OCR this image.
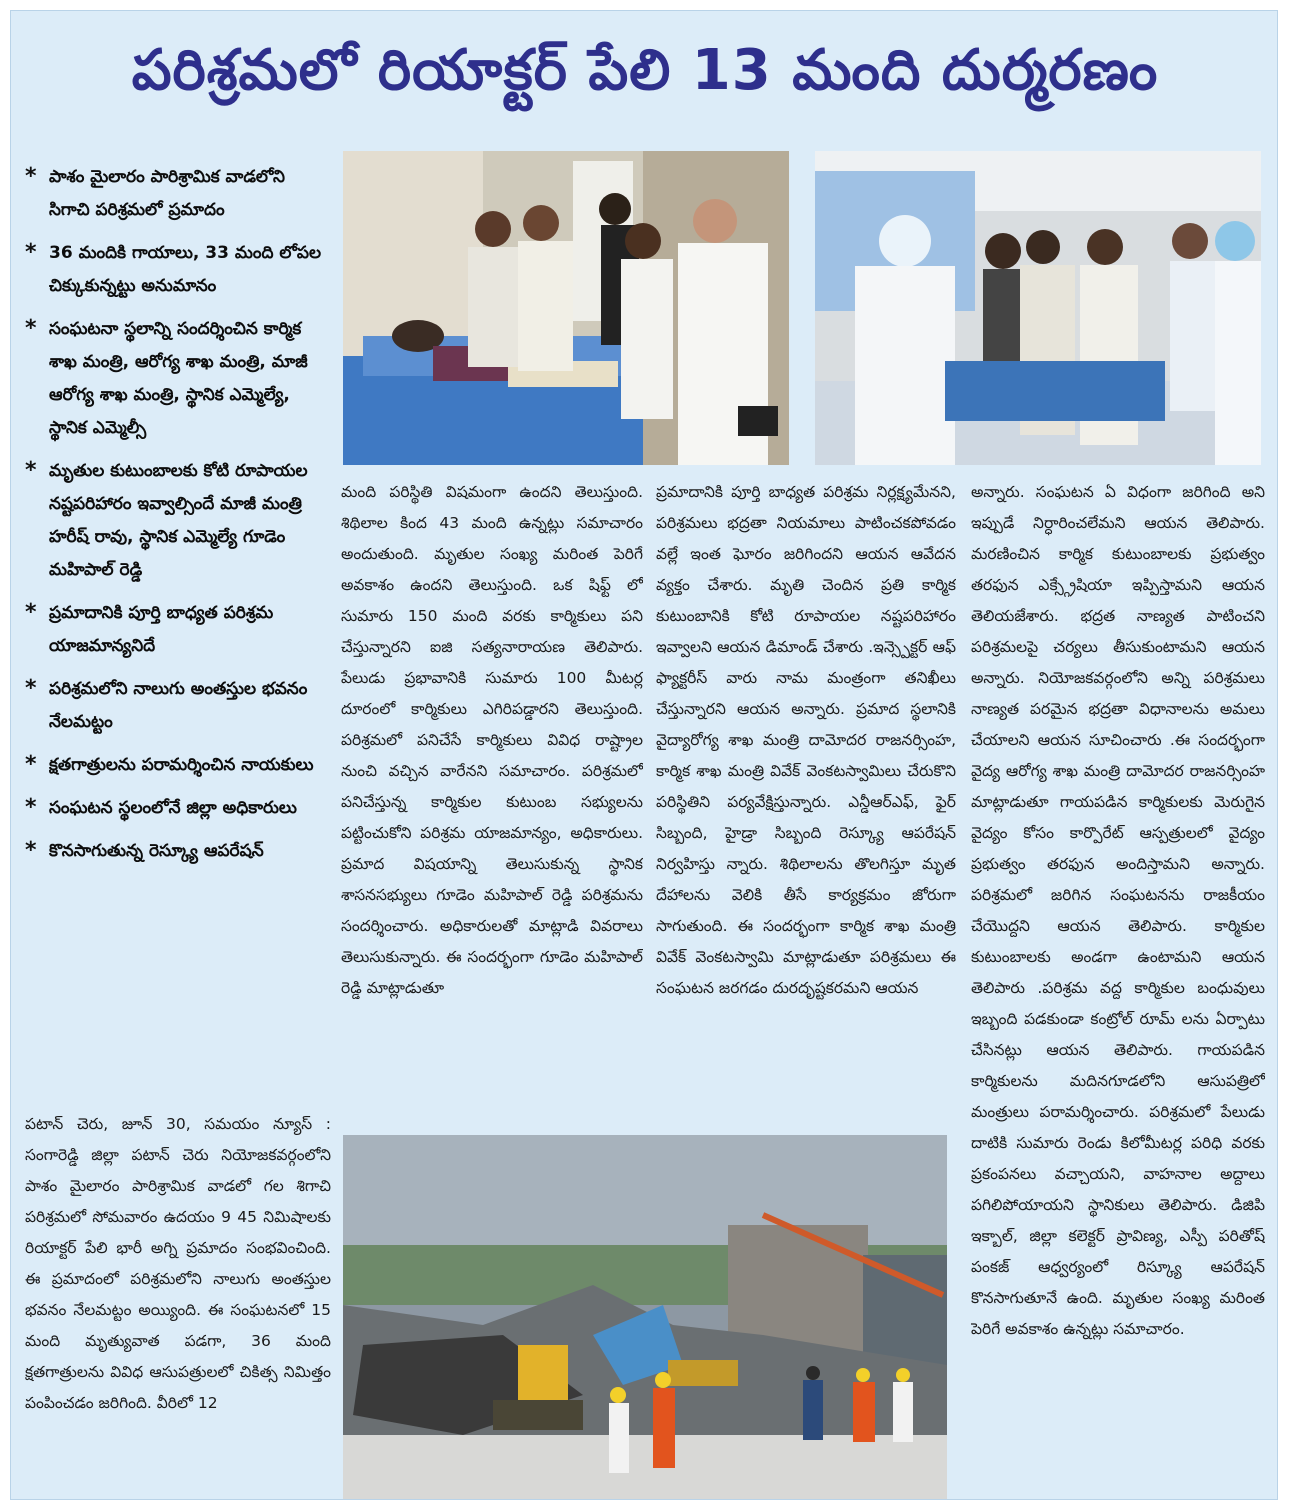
పరిశ్రమలో రియాక్టర్ పేలి 13 మంది దుర్మరణం
* పాశం మైలారం పారిశ్రామిక వాడలోని సిగాచి పరిశ్రమలో ప్రమాదం
* 36 మందికి గాయాలు, 33 మంది లోపల చిక్కుకున్నట్టు అనుమానం
* సంఘటనా స్థలాన్ని సందర్శించిన కార్మిక శాఖ మంత్రి, ఆరోగ్య శాఖ మంత్రి, మాజీ ఆరోగ్య శాఖ మంత్రి, స్థానిక ఎమ్మెల్యే, స్థానిక ఎమ్మెల్సీ
* మృతుల కుటుంబాలకు కోటి రూపాయల నష్టపరిహారం ఇవ్వాల్సిందే మాజీ మంత్రి హరీష్ రావు, స్థానిక ఎమ్మెల్యే గూడెం మహిపాల్ రెడ్డి
* ప్రమాదానికి పూర్తి బాధ్యత పరిశ్రమ యాజమాన్యనిదే
* పరిశ్రమలోని నాలుగు అంతస్తుల భవనం నేలమట్టం
* క్షతగాత్రులను పరామర్శించిన నాయకులు
* సంఘటన స్థలంలోనే జిల్లా అధికారులు
* కొనసాగుతున్న రెస్క్యూ ఆపరేషన్
పటాన్ చెరు, జూన్ 30, సమయం న్యూస్ : సంగారెడ్డి జిల్లా పటాన్ చెరు నియోజకవర్గంలోని పాశం మైలారం పారిశ్రామిక వాడలో గల శిగాచి పరిశ్రమలో సోమవారం ఉదయం 9 45 నిమిషాలకు రియాక్టర్ పేలి భారీ అగ్ని ప్రమాదం సంభవించింది. ఈ ప్రమాదంలో పరిశ్రమలోని నాలుగు అంతస్తుల భవనం నేలమట్టం అయ్యింది. ఈ సంఘటనలో 15 మంది మృత్యువాత పడగా, 36 మంది క్షతగాత్రులను వివిధ ఆసుపత్రులలో చికిత్స నిమిత్తం పంపించడం జరిగింది. వీరిలో 12
మంది పరిస్థితి విషమంగా ఉందని తెలుస్తుంది. శిథిలాల కింద 43 మంది ఉన్నట్లు సమాచారం అందుతుంది. మృతుల సంఖ్య మరింత పెరిగే అవకాశం ఉందని తెలుస్తుంది. ఒక షిఫ్ట్ లో సుమారు 150 మంది వరకు కార్మికులు పని చేస్తున్నారని ఐజి సత్యనారాయణ తెలిపారు. పేలుడు ప్రభావానికి సుమారు 100 మీటర్ల దూరంలో కార్మికులు ఎగిరిపడ్డారని తెలుస్తుంది. పరిశ్రమలో పనిచేసే కార్మికులు వివిధ రాష్ట్రాల నుంచి వచ్చిన వారేనని సమాచారం. పరిశ్రమలో పనిచేస్తున్న కార్మికుల కుటుంబ సభ్యులను పట్టించుకోని పరిశ్రమ యాజమాన్యం, అధికారులు. ప్రమాద విషయాన్ని తెలుసుకున్న స్థానిక శాసనసభ్యులు గూడెం మహిపాల్ రెడ్డి పరిశ్రమను సందర్శించారు. అధికారులతో మాట్లాడి వివరాలు తెలుసుకున్నారు. ఈ సందర్భంగా గూడెం మహిపాల్ రెడ్డి మాట్లాడుతూ
ప్రమాదానికి పూర్తి బాధ్యత పరిశ్రమ నిర్లక్ష్యమేనని, పరిశ్రమలు భద్రతా నియమాలు పాటించకపోవడం వల్లే ఇంత ఘోరం జరిగిందని ఆయన ఆవేదన వ్యక్తం చేశారు. మృతి చెందిన ప్రతి కార్మిక కుటుంబానికి కోటి రూపాయల నష్టపరిహారం ఇవ్వాలని ఆయన డిమాండ్ చేశారు .ఇన్స్పెక్టర్ ఆఫ్ ఫ్యాక్టరీస్ వారు నామ మంత్రంగా తనిఖీలు చేస్తున్నారని ఆయన అన్నారు. ప్రమాద స్థలానికి వైద్యారోగ్య శాఖ మంత్రి దామోదర రాజనర్సింహ, కార్మిక శాఖ మంత్రి వివేక్ వెంకటస్వామిలు చేరుకొని పరిస్థితిని పర్యవేక్షిస్తున్నారు. ఎన్డీఆర్ఎఫ్, ఫైర్ సిబ్బంది, హైడ్రా సిబ్బంది రెస్క్యూ ఆపరేషన్ నిర్వహిస్తు న్నారు. శిథిలాలను తొలగిస్తూ మృత దేహాలను వెలికి తీసే కార్యక్రమం జోరుగా సాగుతుంది. ఈ సందర్భంగా కార్మిక శాఖ మంత్రి వివేక్ వెంకటస్వామి మాట్లాడుతూ పరిశ్రమలు ఈ సంఘటన జరగడం దురదృష్టకరమని ఆయన
అన్నారు. సంఘటన ఏ విధంగా జరిగింది అని ఇప్పుడే నిర్ధారించలేమని ఆయన తెలిపారు. మరణించిన కార్మిక కుటుంబాలకు ప్రభుత్వం తరఫున ఎక్స్గ్రేషియా ఇప్పిస్తామని ఆయన తెలియజేశారు. భద్రత నాణ్యత పాటించని పరిశ్రమలపై చర్యలు తీసుకుంటామని ఆయన అన్నారు. నియోజకవర్గంలోని అన్ని పరిశ్రమలు నాణ్యత పరమైన భద్రతా విధానాలను అమలు చేయాలని ఆయన సూచించారు .ఈ సందర్భంగా వైద్య ఆరోగ్య శాఖ మంత్రి దామోదర రాజనర్సింహ మాట్లాడుతూ గాయపడిన కార్మికులకు మెరుగైన వైద్యం కోసం కార్పొరేట్ ఆస్పత్రులలో వైద్యం ప్రభుత్వం తరఫున అందిస్తామని అన్నారు. పరిశ్రమలో జరిగిన సంఘటనను రాజకీయం చేయొద్దని ఆయన తెలిపారు. కార్మికుల కుటుంబాలకు అండగా ఉంటామని ఆయన తెలిపారు .పరిశ్రమ వద్ద కార్మికుల బంధువులు ఇబ్బంది పడకుండా కంట్రోల్ రూమ్ లను ఏర్పాటు చేసినట్లు ఆయన తెలిపారు. గాయపడిన కార్మికులను మదినగూడలోని ఆసుపత్రిలో మంత్రులు పరామర్శించారు. పరిశ్రమలో పేలుడు దాటికి సుమారు రెండు కిలోమీటర్ల పరిధి వరకు ప్రకంపనలు వచ్చాయని, వాహనాల అద్దాలు పగిలిపోయాయని స్థానికులు తెలిపారు. డిజిపి ఇక్బాల్, జిల్లా కలెక్టర్ ప్రావిణ్య, ఎస్పీ పరితోష్ పంకజ్ ఆధ్వర్యంలో రిస్క్యూ ఆపరేషన్ కొనసాగుతూనే ఉంది. మృతుల సంఖ్య మరింత పెరిగే అవకాశం ఉన్నట్లు సమాచారం.
